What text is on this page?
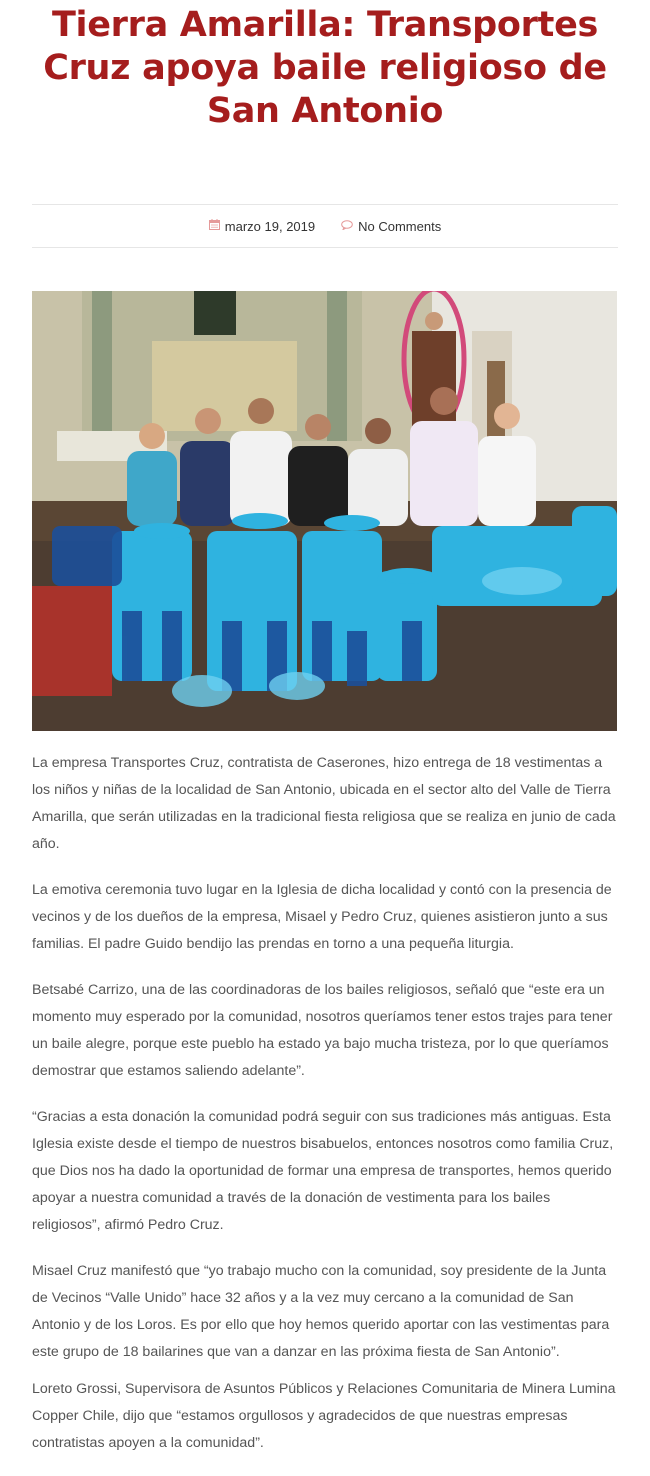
Tierra Amarilla: Transportes Cruz apoya baile religioso de San Antonio
marzo 19, 2019	No Comments

La empresa Transportes Cruz, contratista de Caserones, hizo entrega de 18 vestimentas a los niños y niñas de la localidad de San Antonio, ubicada en el sector alto del Valle de Tierra Amarilla, que serán utilizadas en la tradicional fiesta religiosa que se realiza en junio de cada año.

La emotiva ceremonia tuvo lugar en la Iglesia de dicha localidad y contó con la presencia de vecinos y de los dueños de la empresa, Misael y Pedro Cruz, quienes asistieron junto a sus familias. El padre Guido bendijo las prendas en torno a una pequeña liturgia.

Betsabé Carrizo, una de las coordinadoras de los bailes religiosos, señaló que “este era un momento muy esperado por la comunidad, nosotros queríamos tener estos trajes para tener un baile alegre, porque este pueblo ha estado ya bajo mucha tristeza, por lo que queríamos demostrar que estamos saliendo adelante”.

“Gracias a esta donación la comunidad podrá seguir con sus tradiciones más antiguas. Esta Iglesia existe desde el tiempo de nuestros bisabuelos, entonces nosotros como familia Cruz, que Dios nos ha dado la oportunidad de formar una empresa de transportes, hemos querido apoyar a nuestra comunidad a través de la donación de vestimenta para los bailes religiosos”, afirmó Pedro Cruz.

Misael Cruz manifestó que “yo trabajo mucho con la comunidad, soy presidente de la Junta de Vecinos “Valle Unido” hace 32 años y a la vez muy cercano a la comunidad de San Antonio y de los Loros. Es por ello que hoy hemos querido aportar con las vestimentas para este grupo de 18 bailarines que van a danzar en las próxima fiesta de San Antonio”.

Loreto Grossi, Supervisora de Asuntos Públicos y Relaciones Comunitaria de Minera Lumina Copper Chile, dijo que “estamos orgullosos y agradecidos de que nuestras empresas contratistas apoyen a la comunidad”.
